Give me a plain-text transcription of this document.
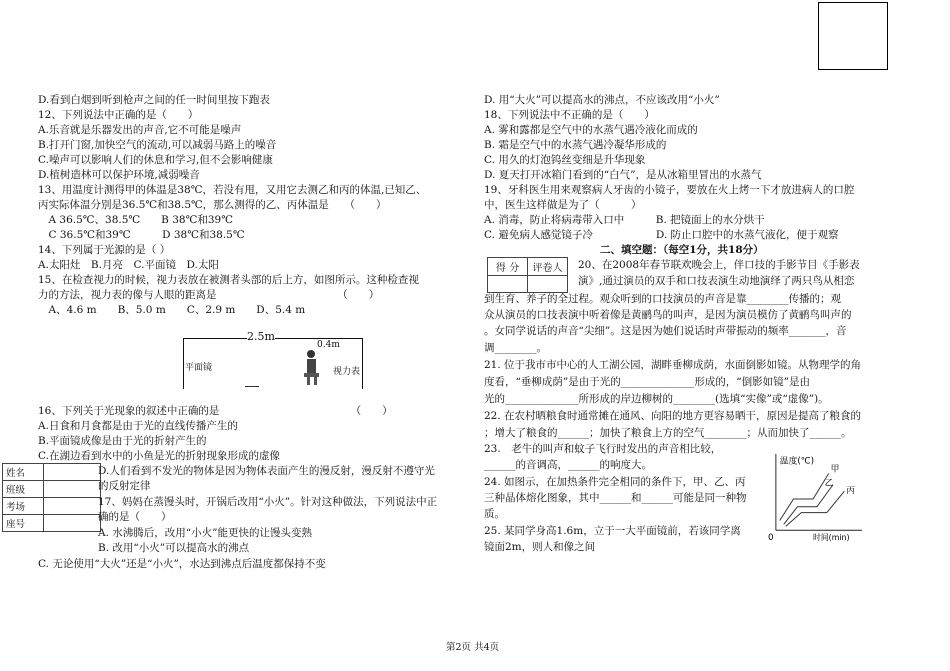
D.看到白烟到听到枪声之间的任一时间里按下跑表
12、下列说法中正确的是（　　）
A.乐音就是乐器发出的声音,它不可能是噪声
B.打开门窗,加快空气的流动,可以减弱马路上的噪音
C.噪声可以影响人们的休息和学习,但不会影响健康
D.植树造林可以保护环境,减弱噪音
13、用温度计测得甲的体温是38℃，若没有甩，又用它去测乙和丙的体温,已知乙、
丙实际体温分别是36.5℃和38.5℃，那么测得的乙、丙体温是　　（　　）
　A 36.5℃、38.5℃　　B 38℃和39℃
　C 36.5℃和39℃　　　D 38℃和38.5℃
14、下列属于光源的是（ ）
A.太阳灶　B.月亮　C.平面镜　D.太阳
15、在检查视力的时候，视力表放在被测者头部的后上方，如图所示。这种检查视
力的方法，视力表的像与人眼的距离是　　　　　　　　　　　　（　　）
　A、4.6 m　　B、5.0 m　　C、2.9 m　　D、5.4 m
2.5m
0.4m
平面镜	视力表
16、下列关于光现象的叙述中正确的是　　　　　　　　　　　　　（　　）
A.日食和月食都是由于光的直线传播产生的
B.平面镜成像是由于光的折射产生的
C.在湖边看到水中的小鱼是光的折射现象形成的虚像
姓名	
班级	
考场	
座号	
D.人们看到不发光的物体是因为物体表面产生的漫反射，漫反射不遵守光
的反射定律
17、妈妈在蒸馒头时，开锅后改用“小火”。针对这种做法，下列说法中正
确的是（　　）
A. 水沸腾后，改用“小火”能更快的让馒头变熟
B. 改用“小火”可以提高水的沸点
C. 无论使用“大火”还是“小火”，水达到沸点后温度都保持不变
D. 用“大火”可以提高水的沸点，不应该改用“小火”
18、下列说法中不正确的是（　　）
A. 雾和露都是空气中的水蒸气遇冷液化而成的
B. 霜是空气中的水蒸气遇冷凝华形成的
C. 用久的灯泡钨丝变细是升华现象
D. 夏天打开冰箱门看到的“白气”，是从冰箱里冒出的水蒸气
19、牙科医生用来观察病人牙齿的小镜子，要放在火上烤一下才放进病人的口腔
中，医生这样做是为了（　　　）
A. 消毒，防止将病毒带入口中　　　B. 把镜面上的水分烘干
C. 避免病人感觉镜子冷　　　　　　D. 防止口腔中的水蒸气液化，便于观察
二、填空题：（每空1分，共18分）
得 分	评卷人
	20、在2008年春节联欢晚会上，伴口技的手影节目《手影表
演》,通过演员的双手和口技表演生动地演绎了两只鸟从相恋
到生育、养子的全过程。观众听到的口技演员的声音是靠________传播的；观
众从演员的口技表演中听着像是黄鹂鸟的叫声，是因为演员模仿了黄鹂鸟叫声的
。女同学说话的声音“尖细”。这是因为她们说话时声带振动的频率_______，音
调________。
21. 位于我市市中心的人工湖公园，湖畔垂柳成荫，水面倒影如镜。从物理学的角
度看，“垂柳成荫”是由于光的______________形成的，“倒影如镜”是由
光的______________所形成的岸边柳树的________(选填“实像”或“虚像”)。
22. 在农村晒粮食时通常摊在通风、向阳的地方更容易晒干，原因是提高了粮食的
；增大了粮食的______；加快了粮食上方的空气________；从而加快了______。
23.　老牛的叫声和蚊子飞行时发出的声音相比较，
______的音调高，______的响度大。
24. 如图示，在加热条件完全相同的条件下，甲、乙、丙
三种晶体熔化图象，其中______和______可能是同一种物
质。
25. 某同学身高1.6m，立于一大平面镜前，若该同学离
镜面2m，则人和像之间
温度(℃)
0	时间(min)
甲
乙
丙
第2页 共4页
